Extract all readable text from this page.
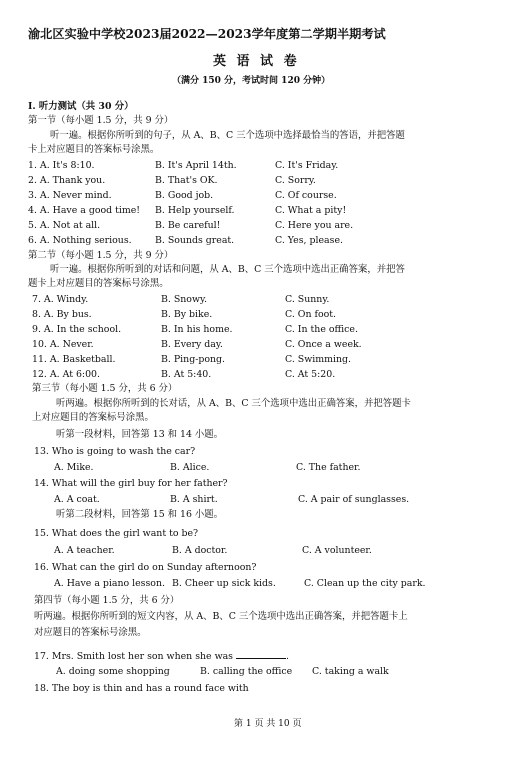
渝北区实验中学校2023届2022—2023学年度第二学期半期考试
英 语 试 卷
（满分 150 分，考试时间 120 分钟）
I. 听力测试（共 30 分）
第一节（每小题 1.5 分，共 9 分）
听一遍。根据你所听到的句子，从 A、B、C 三个选项中选择最恰当的答语，并把答题
卡上对应题目的答案标号涂黑。
1. A. It's 8:10.	B. It's April 14th.	C. It's Friday.
2. A. Thank you.	B. That's OK.	C. Sorry.
3. A. Never mind.	B. Good job.	C. Of course.
4. A. Have a good time! B. Help yourself.	C. What a pity!
5. A. Not at all.	B. Be careful!	C. Here you are.
6. A. Nothing serious. B. Sounds great.	C. Yes, please.
第二节（每小题 1.5 分，共 9 分）
听一遍。根据你所听到的对话和问题，从 A、B、C 三个选项中选出正确答案，并把答
题卡上对应题目的答案标号涂黑。
7. A. Windy.	B. Snowy.	C. Sunny.
8. A. By bus.	B. By bike.	C. On foot.
9. A. In the school.	B. In his home.	C. In the office.
10. A. Never.	B. Every day.	C. Once a week.
11. A. Basketball.	B. Ping-pong.	C. Swimming.
12. A. At 6:00.	B. At 5:40.	C. At 5:20.
第三节（每小题 1.5 分，共 6 分）
听两遍。根据你所听到的长对话，从 A、B、C 三个选项中选出正确答案，并把答题卡
上对应题目的答案标号涂黑。
听第一段材料，回答第 13 和 14 小题。
13. Who is going to wash the car?
A. Mike.	B. Alice.	C. The father.
14. What will the girl buy for her father?
A. A coat.	B. A shirt.	C. A pair of sunglasses.
听第二段材料，回答第 15 和 16 小题。
15. What does the girl want to be?
A. A teacher.	B. A doctor.	C. A volunteer.
16. What can the girl do on Sunday afternoon?
A. Have a piano lesson. B. Cheer up sick kids.	C. Clean up the city park.
第四节（每小题 1.5 分，共 6 分）
听两遍。根据你所听到的短文内容，从 A、B、C 三个选项中选出正确答案，并把答题卡上
对应题目的答案标号涂黑。
17. Mrs. Smith lost her son when she was	.
A. doing some shopping	B. calling the office C. taking a walk
18. The boy is thin and has a round face with
第 1 页 共 10 页
